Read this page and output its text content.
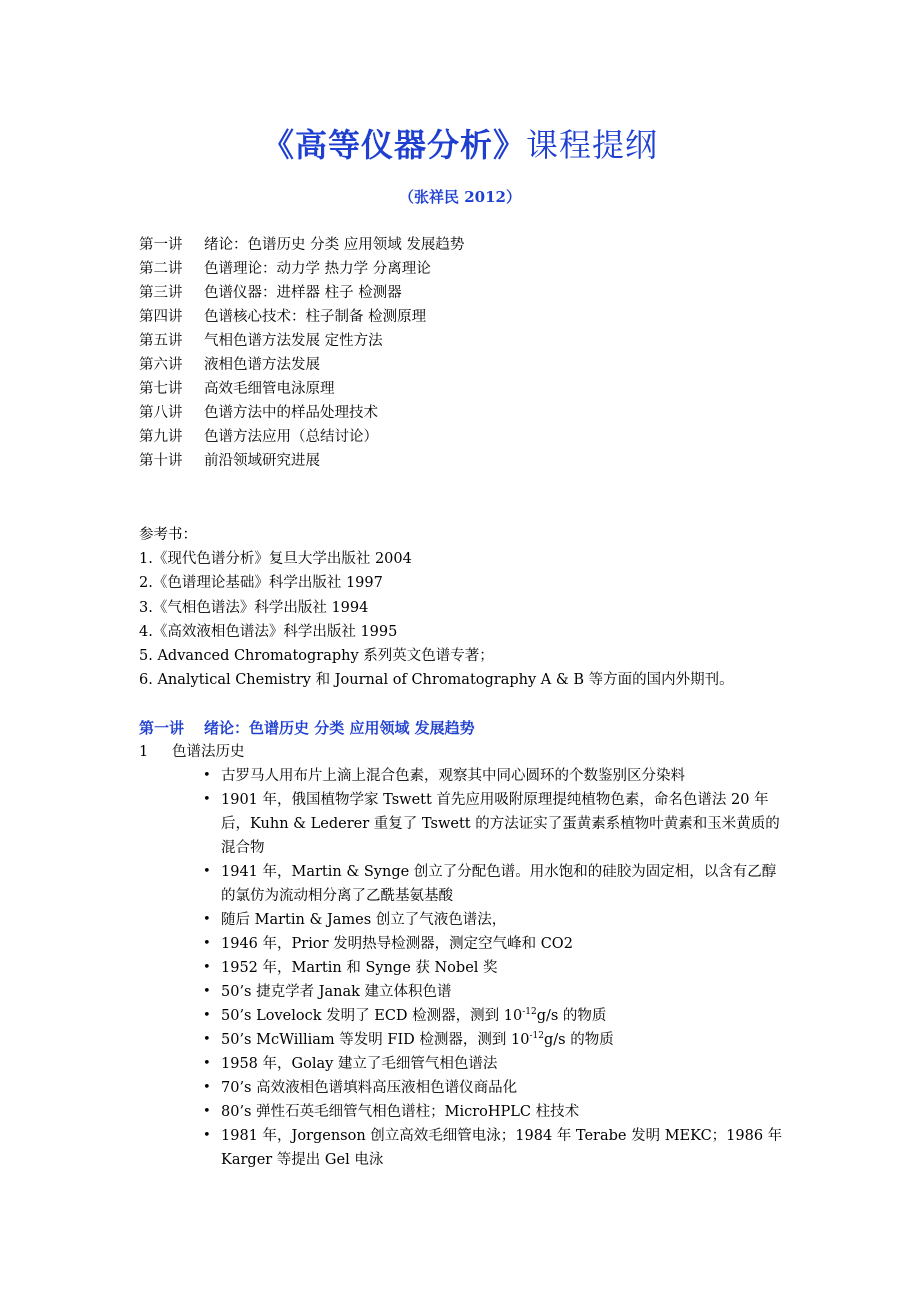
《高等仪器分析》课程提纲
（张祥民 2012）
第一讲 绪论：色谱历史 分类 应用领域 发展趋势
第二讲 色谱理论：动力学 热力学 分离理论
第三讲 色谱仪器：进样器 柱子 检测器
第四讲 色谱核心技术：柱子制备 检测原理
第五讲 气相色谱方法发展 定性方法
第六讲 液相色谱方法发展
第七讲 高效毛细管电泳原理
第八讲 色谱方法中的样品处理技术
第九讲 色谱方法应用（总结讨论）
第十讲 前沿领域研究进展
参考书：
1.《现代色谱分析》复旦大学出版社 2004
2.《色谱理论基础》科学出版社 1997
3.《气相色谱法》科学出版社 1994
4.《高效液相色谱法》科学出版社 1995
5. Advanced Chromatography 系列英文色谱专著；
6. Analytical Chemistry 和 Journal of Chromatography A & B 等方面的国内外期刊。
第一讲 绪论：色谱历史 分类 应用领域 发展趋势
1 色谱法历史
• 古罗马人用布片上滴上混合色素，观察其中同心圆环的个数鉴别区分染料
• 1901 年，俄国植物学家 Tswett 首先应用吸附原理提纯植物色素，命名色谱法 20 年后，Kuhn & Lederer 重复了 Tswett 的方法证实了蛋黄素系植物叶黄素和玉米黄质的混合物
• 1941 年，Martin & Synge 创立了分配色谱。用水饱和的硅胶为固定相，以含有乙醇的氯仿为流动相分离了乙酰基氨基酸
• 随后 Martin & James 创立了气液色谱法，
• 1946 年，Prior 发明热导检测器，测定空气峰和 CO2
• 1952 年，Martin 和 Synge 获 Nobel 奖
• 50’s 捷克学者 Janak 建立体积色谱
• 50’s Lovelock 发明了 ECD 检测器，测到 $10^{-12}g/s$ 的物质
• 50’s McWilliam 等发明 FID 检测器，测到 $10^{-12}g/s$ 的物质
• 1958 年，Golay 建立了毛细管气相色谱法
• 70’s 高效液相色谱填料高压液相色谱仪商品化
• 80’s 弹性石英毛细管气相色谱柱；MicroHPLC 柱技术
• 1981 年，Jorgenson 创立高效毛细管电泳；1984 年 Terabe 发明 MEKC；1986 年 Karger 等提出 Gel 电泳
